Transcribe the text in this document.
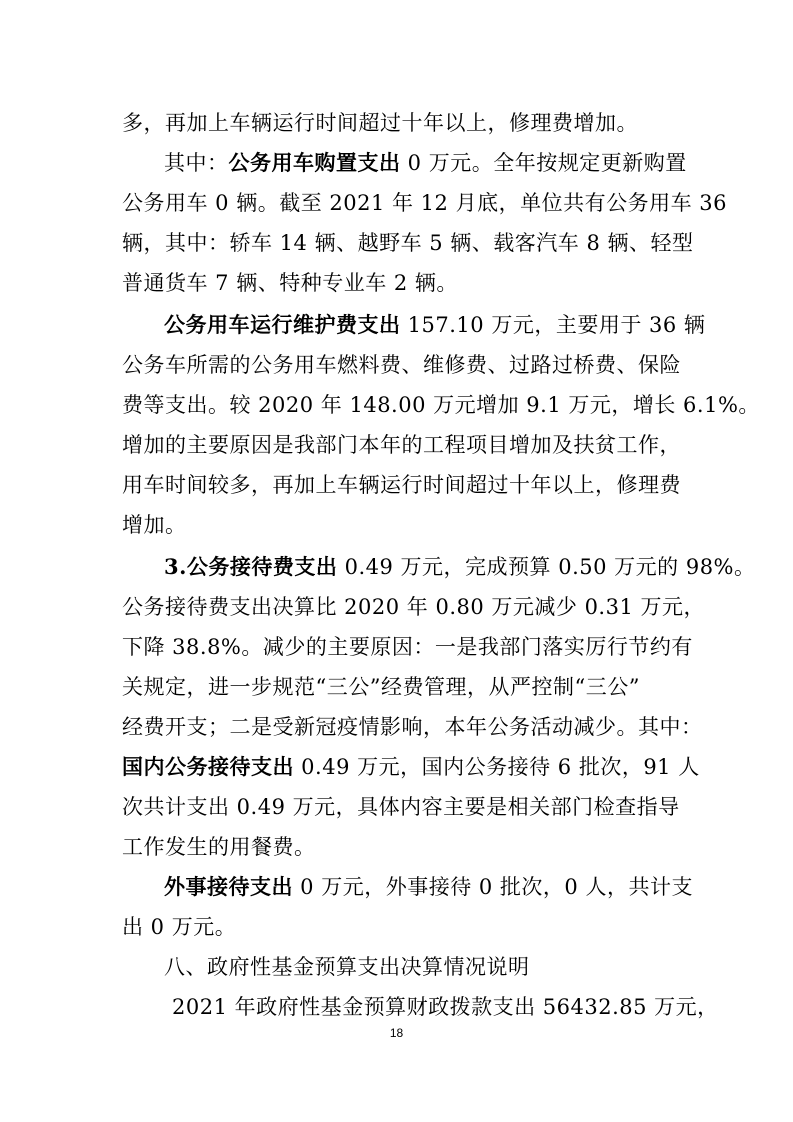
多，再加上车辆运行时间超过十年以上，修理费增加。
其中：公务用车购置支出 0 万元。全年按规定更新购置
公务用车 0 辆。截至 2021 年 12 月底，单位共有公务用车 36
辆，其中：轿车 14 辆、越野车 5 辆、载客汽车 8 辆、轻型
普通货车 7 辆、特种专业车 2 辆。
公务用车运行维护费支出 157.10 万元，主要用于 36 辆
公务车所需的公务用车燃料费、维修费、过路过桥费、保险
费等支出。较 2020 年 148.00 万元增加 9.1 万元，增长 6.1%。
增加的主要原因是我部门本年的工程项目增加及扶贫工作，
用车时间较多，再加上车辆运行时间超过十年以上，修理费
增加。
3.公务接待费支出 0.49 万元，完成预算 0.50 万元的 98%。
公务接待费支出决算比 2020 年 0.80 万元减少 0.31 万元，
下降 38.8%。减少的主要原因：一是我部门落实厉行节约有
关规定，进一步规范“三公”经费管理，从严控制“三公”
经费开支；二是受新冠疫情影响，本年公务活动减少。其中：
国内公务接待支出 0.49 万元，国内公务接待 6 批次，91 人
次共计支出 0.49 万元，具体内容主要是相关部门检查指导
工作发生的用餐费。
外事接待支出 0 万元，外事接待 0 批次，0 人，共计支
出 0 万元。
八、政府性基金预算支出决算情况说明
2021 年政府性基金预算财政拨款支出 56432.85 万元，
18
